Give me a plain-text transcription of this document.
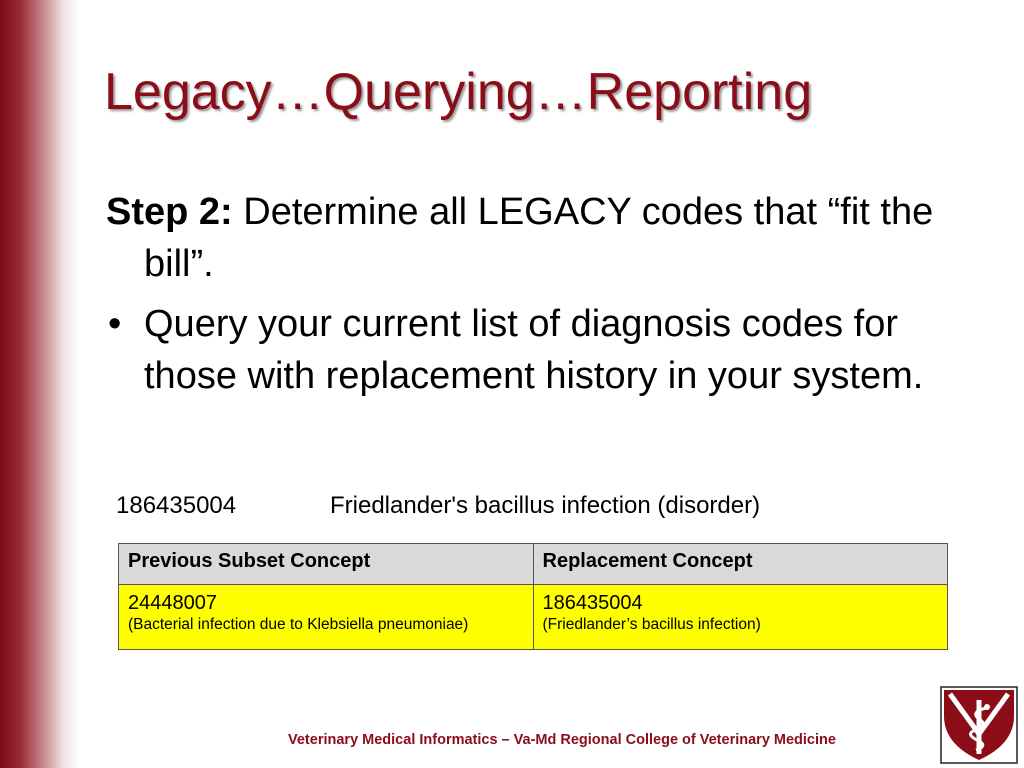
Legacy…Querying…Reporting

Step 2: Determine all LEGACY codes that “fit the bill”.

• Query your current list of diagnosis codes for those with replacement history in your system.

186435004	Friedlander's bacillus infection (disorder)
Previous Subset Concept	Replacement Concept

24448007
(Bacterial infection due to Klebsiella pneumoniae)	186435004
(Friedlander’s bacillus infection)
Veterinary Medical Informatics – Va-Md Regional College of Veterinary Medicine
